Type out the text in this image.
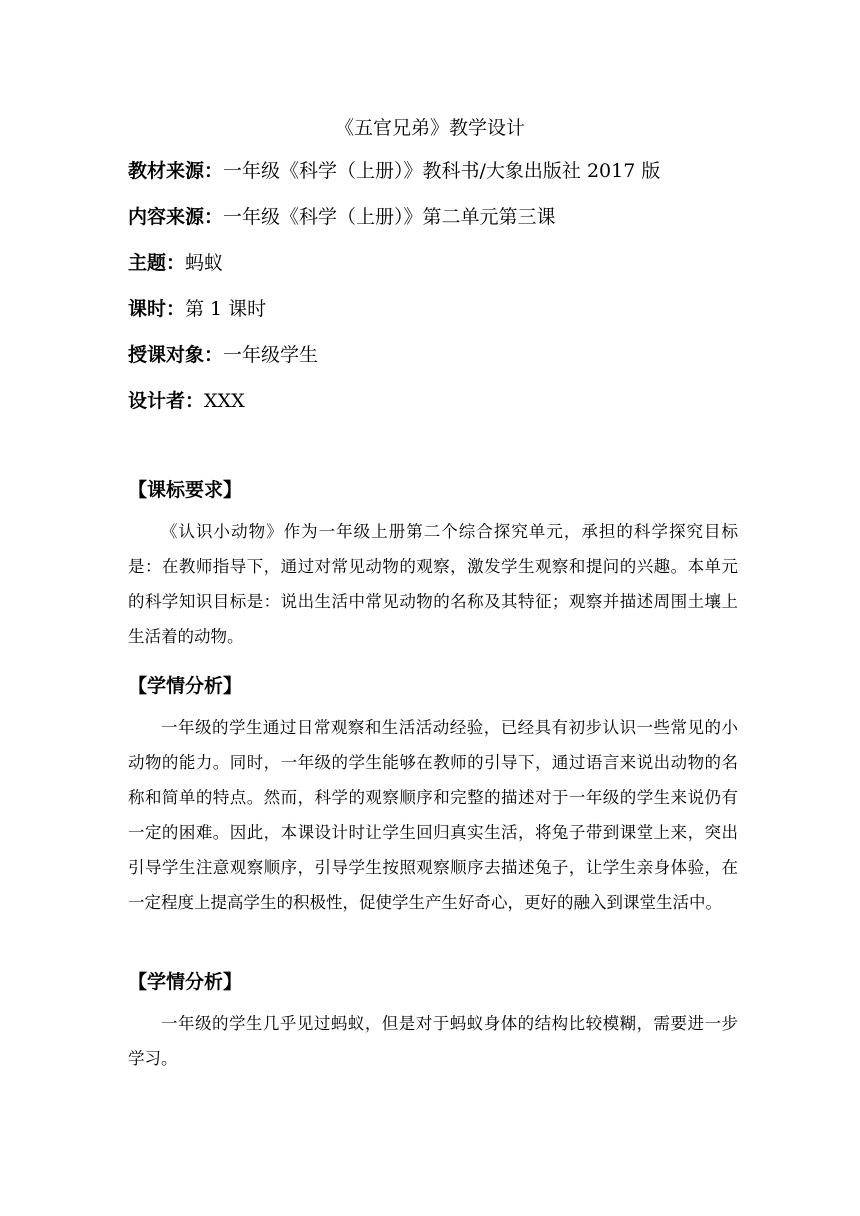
《五官兄弟》教学设计
教材来源：一年级《科学（上册）》教科书/大象出版社 2017 版
内容来源：一年级《科学（上册）》第二单元第三课
主题：蚂蚁
课时：第 1 课时
授课对象：一年级学生
设计者：XXX
【课标要求】

《认识小动物》作为一年级上册第二个综合探究单元，承担的科学探究目标是：在教师指导下，通过对常见动物的观察，激发学生观察和提问的兴趣。本单元的科学知识目标是：说出生活中常见动物的名称及其特征；观察并描述周围土壤上生活着的动物。

【学情分析】

一年级的学生通过日常观察和生活活动经验，已经具有初步认识一些常见的小动物的能力。同时，一年级的学生能够在教师的引导下，通过语言来说出动物的名称和简单的特点。然而，科学的观察顺序和完整的描述对于一年级的学生来说仍有一定的困难。因此，本课设计时让学生回归真实生活，将兔子带到课堂上来，突出引导学生注意观察顺序，引导学生按照观察顺序去描述兔子，让学生亲身体验，在一定程度上提高学生的积极性，促使学生产生好奇心，更好的融入到课堂生活中。

【学情分析】

一年级的学生几乎见过蚂蚁，但是对于蚂蚁身体的结构比较模糊，需要进一步学习。
